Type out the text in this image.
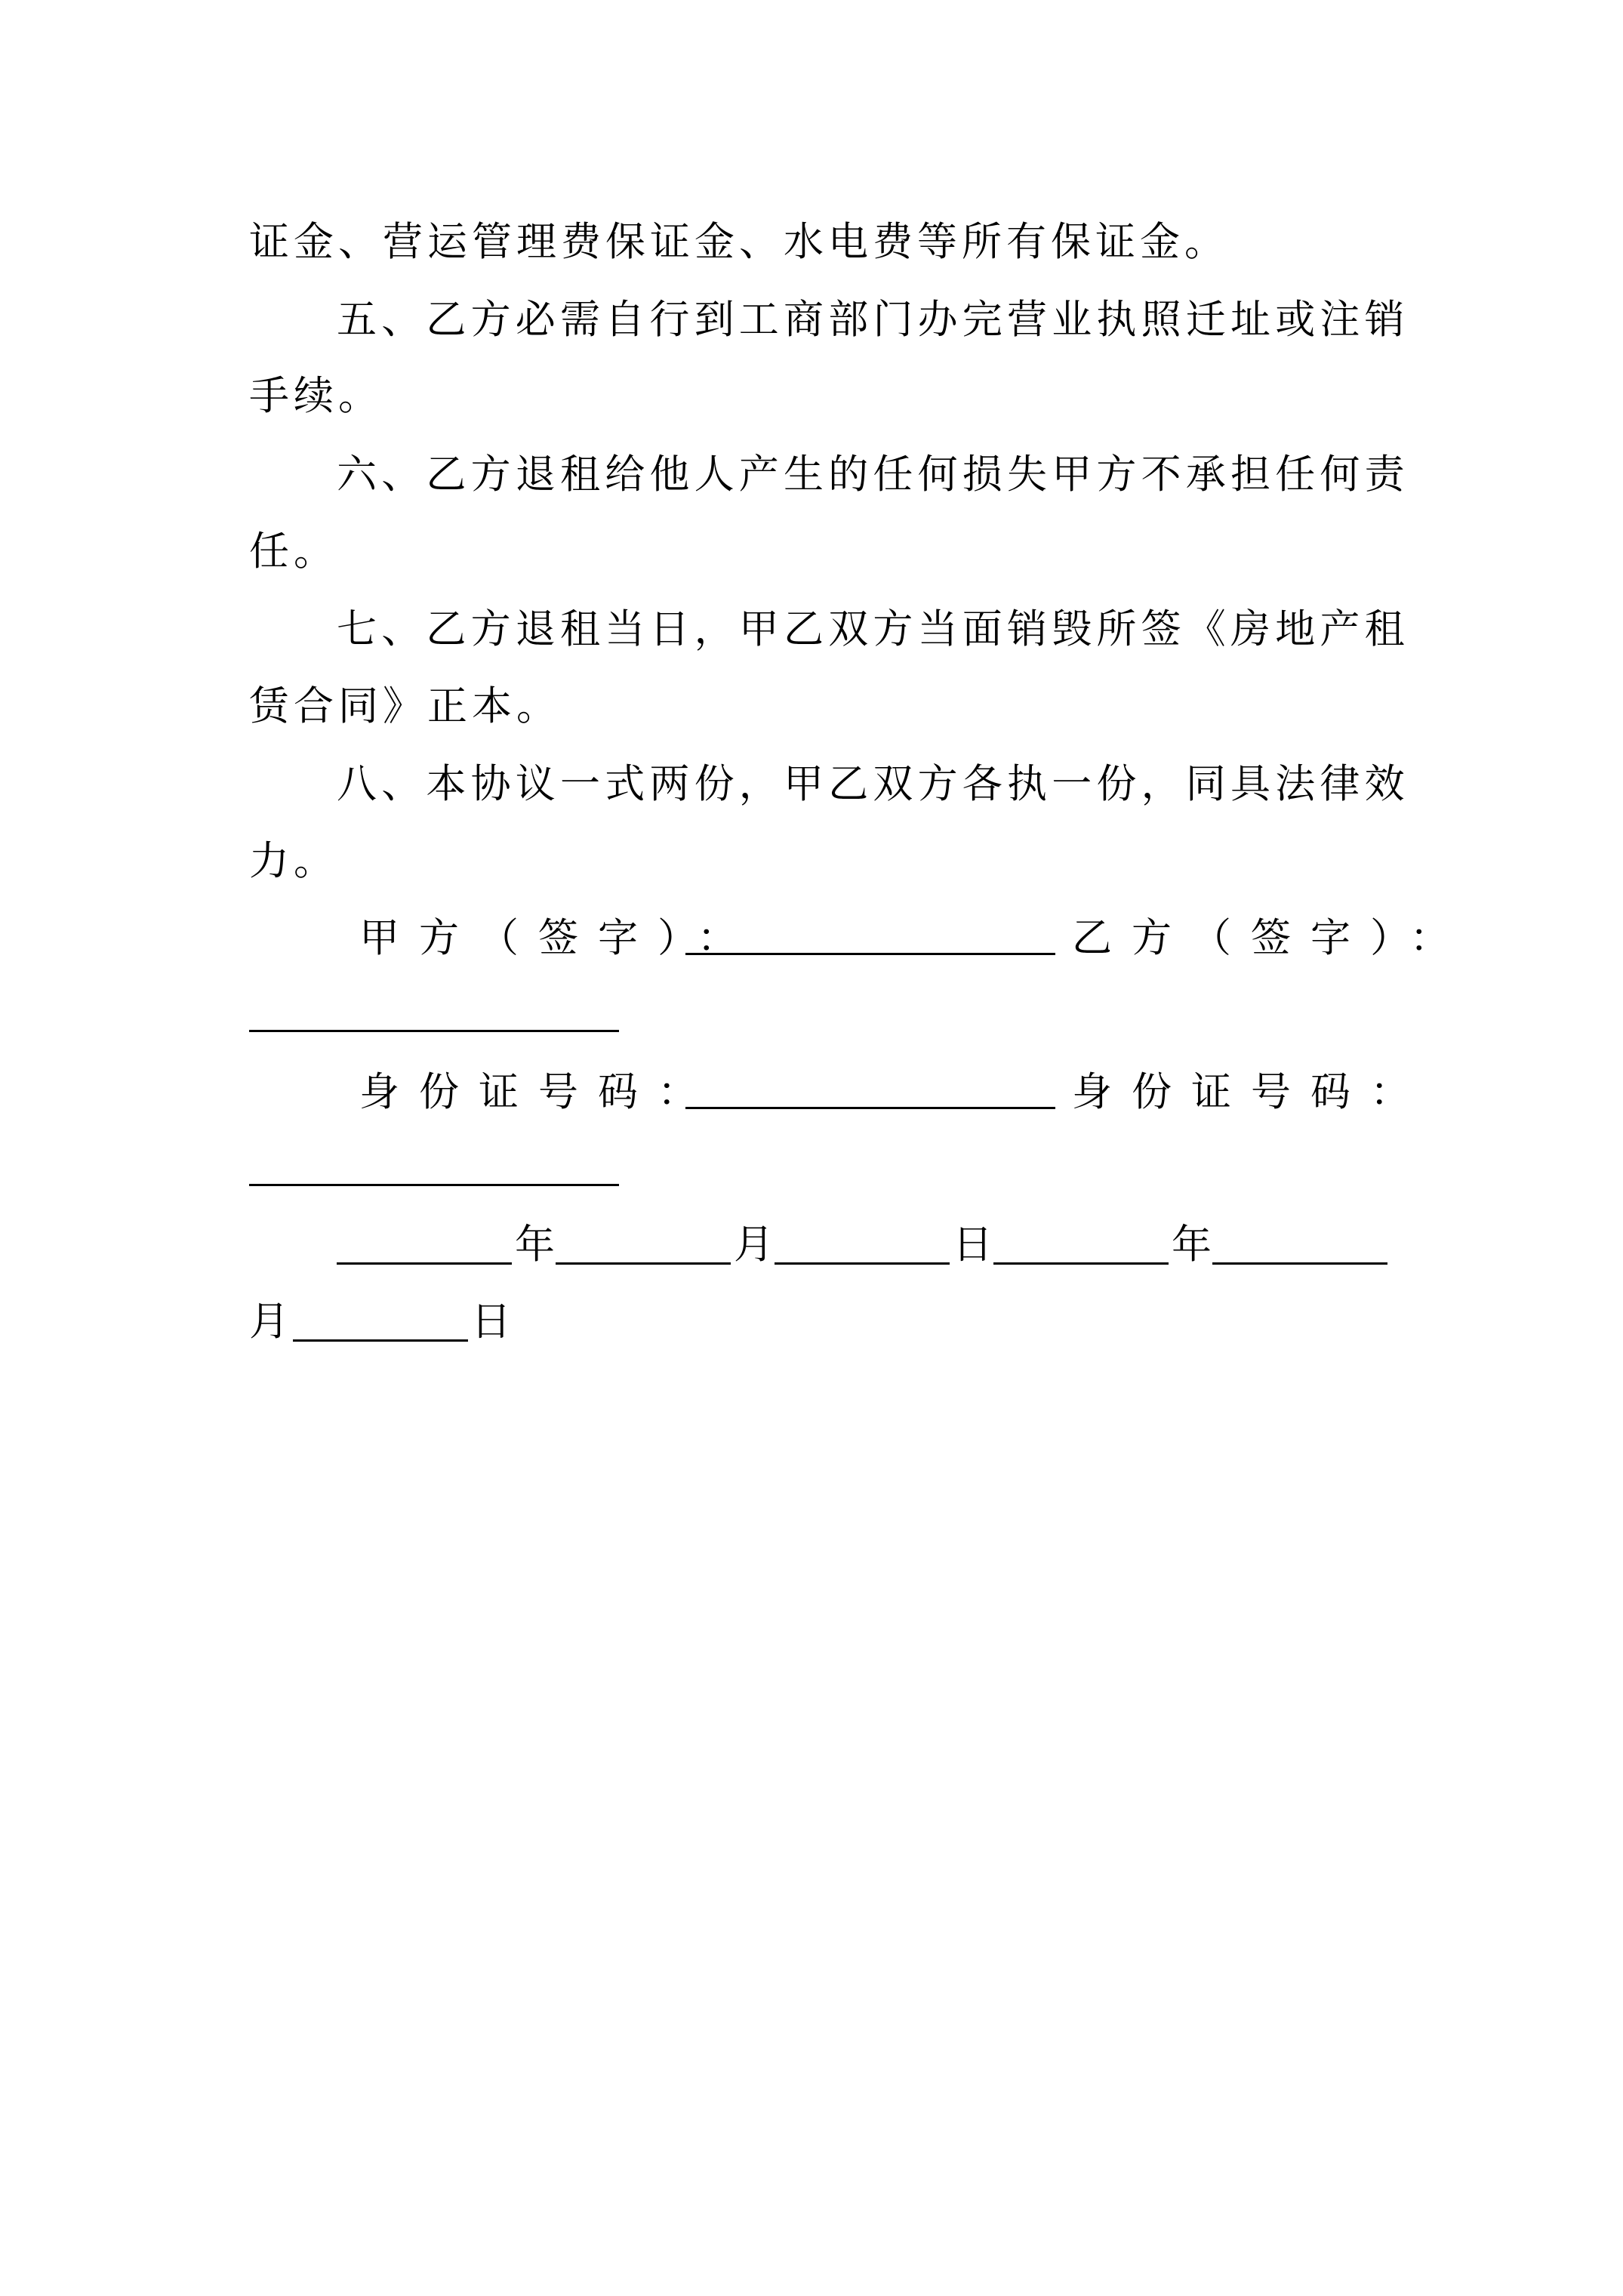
证金、营运管理费保证金、水电费等所有保证金。
五、乙方必需自行到工商部门办完营业执照迁址或注销
手续。
六、乙方退租给他人产生的任何损失甲方不承担任何责
任。
七、乙方退租当日，甲乙双方当面销毁所签《房地产租
赁合同》正本。
八、本协议一式两份，甲乙双方各执一份，同具法律效
力。
甲方（签字）：	乙方（签字）：
身份证号码：	身份证号码：
年	月	日	年
月	日
